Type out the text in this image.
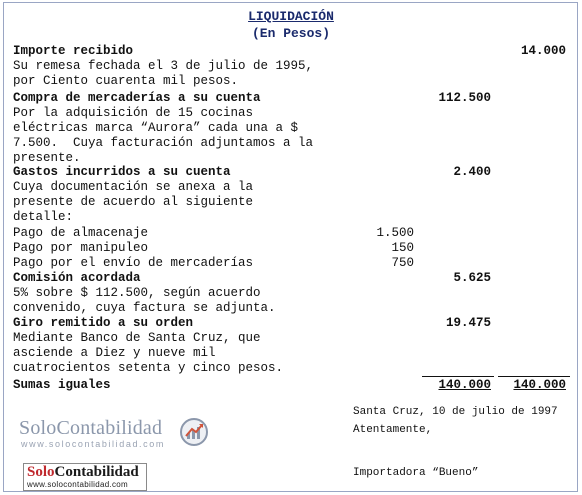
LIQUIDACIÓN
(En Pesos)
Importe recibido	14.000
Su remesa fechada el 3 de julio de 1995,
por Ciento cuarenta mil pesos.
Compra de mercaderías a su cuenta	112.500
Por la adquisición de 15 cocinas
eléctricas marca “Aurora” cada una a $
7.500.  Cuya facturación adjuntamos a la
presente.
Gastos incurridos a su cuenta	2.400
Cuya documentación se anexa a la
presente de acuerdo al siguiente
detalle:
Pago de almacenaje	1.500
Pago por manipuleo	150
Pago por el envío de mercaderías	750
Comisión acordada	5.625
5% sobre $ 112.500, según acuerdo
convenido, cuya factura se adjunta.
Giro remitido a su orden	19.475
Mediante Banco de Santa Cruz, que
asciende a Diez y nueve mil
cuatrocientos setenta y cinco pesos.
Sumas iguales	140.000 140.000
Santa Cruz, 10 de julio de 1997
Atentamente,
Importadora “Bueno”
SoloContabilidad
www.solocontabilidad.com
SoloContabilidad
www.solocontabilidad.com
